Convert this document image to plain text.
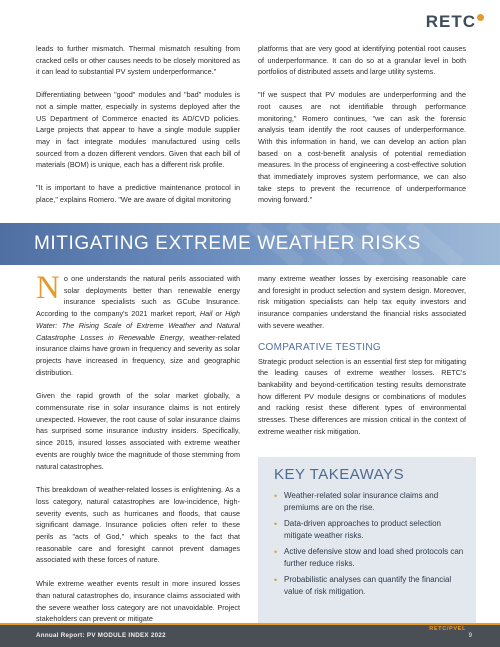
RETC

leads to further mismatch. Thermal mismatch resulting from cracked cells or other causes needs to be closely monitored as it can lead to substantial PV system underperformance."

Differentiating between "good" modules and "bad" modules is not a simple matter, especially in systems deployed after the US Department of Commerce enacted its AD/CVD policies. Large projects that appear to have a single module supplier may in fact integrate modules manufactured using cells sourced from a dozen different vendors. Given that each bill of materials (BOM) is unique, each has a different risk profile.

"It is important to have a predictive maintenance protocol in place," explains Romero. "We are aware of digital monitoring

platforms that are very good at identifying potential root causes of underperformance. It can do so at a granular level in both portfolios of distributed assets and large utility systems.

"If we suspect that PV modules are underperforming and the root causes are not identifiable through performance monitoring," Romero continues, "we can ask the forensic analysis team identify the root causes of underperformance. With this information in hand, we can develop an action plan based on a cost-benefit analysis of potential remediation measures. In the process of engineering a cost-effective solution that immediately improves system performance, we can also take steps to prevent the recurrence of underperformance moving forward."

MITIGATING EXTREME WEATHER RISKS

No one understands the natural perils associated with solar deployments better than renewable energy insurance specialists such as GCube Insurance. According to the company's 2021 market report, Hail or High Water: The Rising Scale of Extreme Weather and Natural Catastrophe Losses in Renewable Energy, weather-related insurance claims have grown in frequency and severity as solar projects have increased in frequency, size and geographic distribution.

Given the rapid growth of the solar market globally, a commensurate rise in solar insurance claims is not entirely unexpected. However, the root cause of solar insurance claims has surprised some insurance industry insiders. Specifically, since 2015, insured losses associated with extreme weather events are roughly twice the magnitude of those stemming from natural catastrophes.

This breakdown of weather-related losses is enlightening. As a loss category, natural catastrophes are low-incidence, high-severity events, such as hurricanes and floods, that cause significant damage. Insurance policies often refer to these perils as "acts of God," which speaks to the fact that reasonable care and foresight cannot prevent damages associated with these forces of nature.

While extreme weather events result in more insured losses than natural catastrophes do, insurance claims associated with the severe weather loss category are not unavoidable. Project stakeholders can prevent or mitigate

many extreme weather losses by exercising reasonable care and foresight in product selection and system design. Moreover, risk mitigation specialists can help tax equity investors and insurance companies understand the financial risks associated with severe weather.

COMPARATIVE TESTING

Strategic product selection is an essential first step for mitigating the leading causes of extreme weather losses. RETC's bankability and beyond-certification testing results demonstrate how different PV module designs or combinations of modules and racking resist these different types of environmental stresses. These differences are mission critical in the context of extreme weather risk mitigation.

KEY TAKEAWAYS
• Weather-related solar insurance claims and premiums are on the rise.
• Data-driven approaches to product selection mitigate weather risks.
• Active defensive stow and load shed protocols can further reduce risks.
• Probabilistic analyses can quantify the financial value of risk mitigation.
Annual Report: PV MODULE INDEX 2022
RETC/PVEL
9
